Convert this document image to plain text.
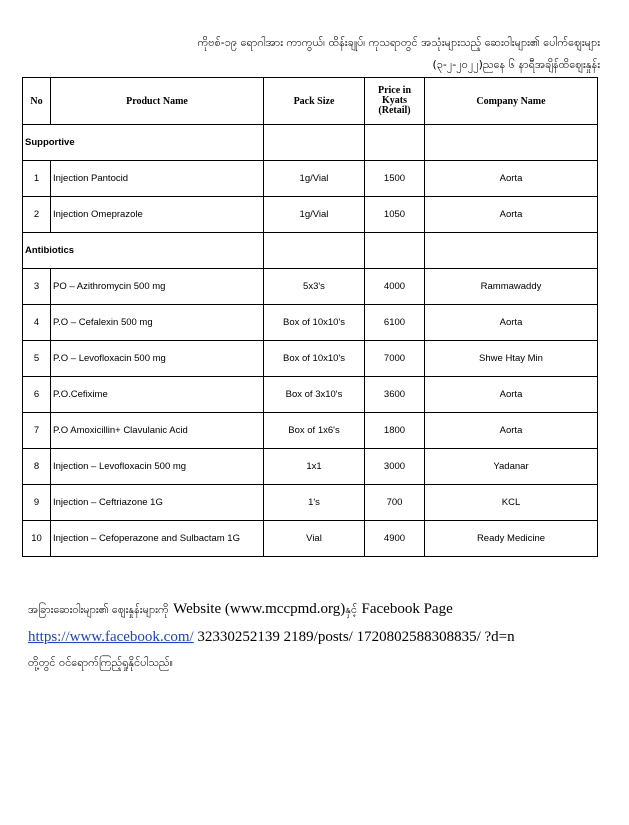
ကိုဗစ်-၁၉ ရောဂါအား ကာကွယ်၊ ထိန်းချုပ်၊ ကုသရာတွင် အသုံးများသည့် ဆေးဝါးများ၏ ပေါက်ဈေးများ
(၃-၂-၂၀၂၂)ညနေ ၆ နာရီအချိန်ထိဈေးနှုန်း
No	Product Name	Pack Size	Price in
Kyats
(Retail)	Company Name
Supportive				
1	Injection Pantocid	1g/Vial	1500	Aorta
2	Injection Omeprazole	1g/Vial	1050	Aorta
Antibiotics				
3	PO – Azithromycin 500 mg	5x3's	4000	Rammawaddy
4	P.O – Cefalexin 500 mg	Box of 10x10's	6100	Aorta
5	P.O – Levofloxacin 500 mg	Box of 10x10's	7000	Shwe Htay Min
6	P.O.Cefixime	Box of 3x10's	3600	Aorta
7	P.O Amoxicillin+ Clavulanic Acid	Box of 1x6's	1800	Aorta
8	Injection – Levofloxacin 500 mg	1x1	3000	Yadanar
9	Injection – Ceftriazone 1G	1's	700	KCL
10	Injection – Cefoperazone and Sulbactam 1G	Vial	4900	Ready Medicine
အခြားဆေးဝါးများ၏ ဈေးနှုန်းများကို Website (www.mccpmd.org)နှင့် Facebook Page
https://www.facebook.com/ 32330252139 2189/posts/ 1720802588308835/ ?d=n
တို့တွင် ဝင်ရောက်ကြည့်ရှုနိုင်ပါသည်။
